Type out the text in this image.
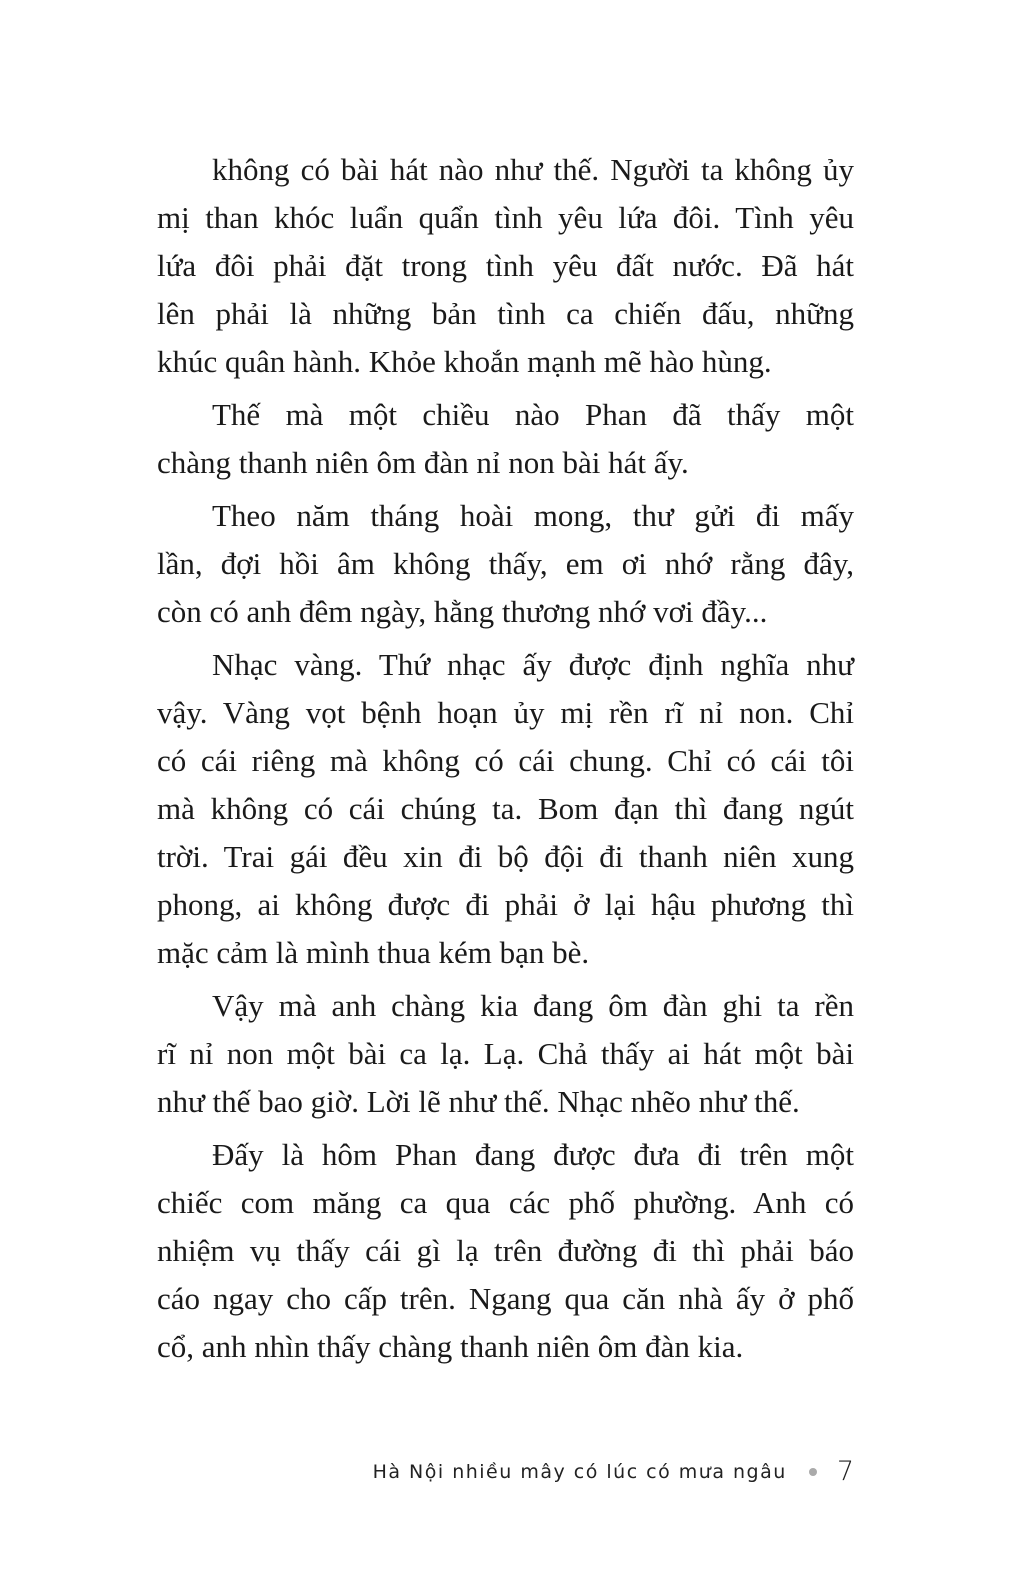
không có bài hát nào như thế. Người ta không ủy
mị than khóc luẩn quẩn tình yêu lứa đôi. Tình yêu
lứa đôi phải đặt trong tình yêu đất nước. Đã hát
lên phải là những bản tình ca chiến đấu, những
khúc quân hành. Khỏe khoắn mạnh mẽ hào hùng.
Thế mà một chiều nào Phan đã thấy một
chàng thanh niên ôm đàn nỉ non bài hát ấy.
Theo năm tháng hoài mong, thư gửi đi mấy
lần, đợi hồi âm không thấy, em ơi nhớ rằng đây,
còn có anh đêm ngày, hằng thương nhớ vơi đầy...
Nhạc vàng. Thứ nhạc ấy được định nghĩa như
vậy. Vàng vọt bệnh hoạn ủy mị rền rĩ nỉ non. Chỉ
có cái riêng mà không có cái chung. Chỉ có cái tôi
mà không có cái chúng ta. Bom đạn thì đang ngút
trời. Trai gái đều xin đi bộ đội đi thanh niên xung
phong, ai không được đi phải ở lại hậu phương thì
mặc cảm là mình thua kém bạn bè.
Vậy mà anh chàng kia đang ôm đàn ghi ta rền
rĩ nỉ non một bài ca lạ. Lạ. Chả thấy ai hát một bài
như thế bao giờ. Lời lẽ như thế. Nhạc nhẽo như thế.
Đấy là hôm Phan đang được đưa đi trên một
chiếc com măng ca qua các phố phường. Anh có
nhiệm vụ thấy cái gì lạ trên đường đi thì phải báo
cáo ngay cho cấp trên. Ngang qua căn nhà ấy ở phố
cổ, anh nhìn thấy chàng thanh niên ôm đàn kia.
Hà Nội nhiều mây có lúc có mưa ngâu 7
